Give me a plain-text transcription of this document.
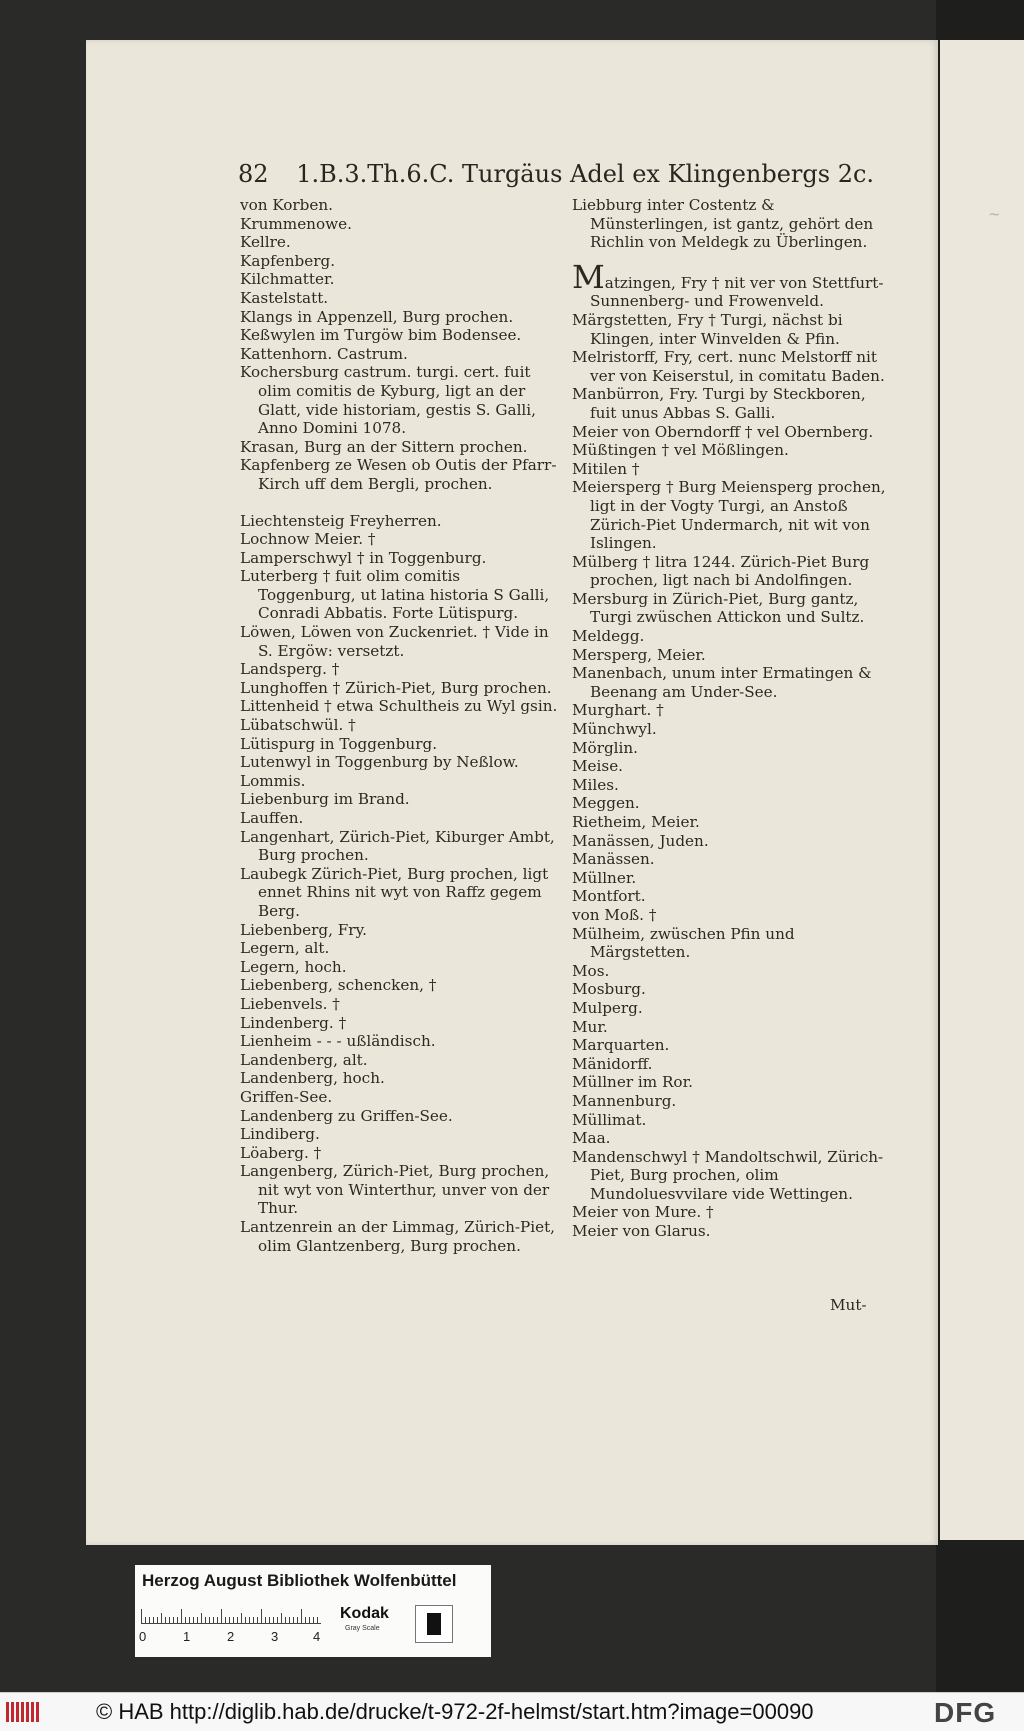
~
82 1.B.3.Th.6.C. Turgäus Adel ex Klingenbergs 2c.
von Korben.
Krummenowe.
Kellre.
Kapfenberg.
Kilchmatter.
Kastelstatt.
Klangs in Appenzell, Burg prochen.
Keßwylen im Turgöw bim Bodensee.
Kattenhorn. Castrum.
Kochersburg castrum. turgi. cert. fuit olim comitis de Kyburg, ligt an der Glatt, vide historiam, gestis S. Galli, Anno Domini 1078.
Krasan, Burg an der Sittern prochen.
Kapfenberg ze Wesen ob Outis der Pfarr-Kirch uff dem Bergli, prochen.
Liechtensteig Freyherren.
Lochnow Meier. †
Lamperschwyl † in Toggenburg.
Luterberg † fuit olim comitis Toggenburg, ut latina historia S Galli, Conradi Abbatis. Forte Lütispurg.
Löwen, Löwen von Zuckenriet. † Vide in S. Ergöw: versetzt.
Landsperg. †
Lunghoffen † Zürich-Piet, Burg prochen.
Littenheid † etwa Schultheis zu Wyl gsin.
Lübatschwül. †
Lütispurg in Toggenburg.
Lutenwyl in Toggenburg by Neßlow.
Lommis.
Liebenburg im Brand.
Lauffen.
Langenhart, Zürich-Piet, Kiburger Ambt, Burg prochen.
Laubegk Zürich-Piet, Burg prochen, ligt ennet Rhins nit wyt von Raffz gegem Berg.
Liebenberg, Fry.
Legern, alt.
Legern, hoch.
Liebenberg, schencken, †
Liebenvels. †
Lindenberg. †
Lienheim - - - ußländisch.
Landenberg, alt.
Landenberg, hoch.
Griffen-See.
Landenberg zu Griffen-See.
Lindiberg.
Löaberg. †
Langenberg, Zürich-Piet, Burg prochen, nit wyt von Winterthur, unver von der Thur.
Lantzenrein an der Limmag, Zürich-Piet, olim Glantzenberg, Burg prochen.
Liebburg inter Costentz & Münsterlingen, ist gantz, gehört den Richlin von Meldegk zu Überlingen.
Matzingen, Fry † nit ver von Stettfurt-Sunnenberg- und Frowenveld.
Märgstetten, Fry † Turgi, nächst bi Klingen, inter Winvelden & Pfin.
Melristorff, Fry, cert. nunc Melstorff nit ver von Keiserstul, in comitatu Baden.
Manbürron, Fry. Turgi by Steckboren, fuit unus Abbas S. Galli.
Meier von Oberndorff † vel Obernberg.
Müßtingen † vel Mößlingen.
Mitilen †
Meiersperg † Burg Meiensperg prochen, ligt in der Vogty Turgi, an Anstoß Zürich-Piet Undermarch, nit wit von Islingen.
Mülberg † litra 1244. Zürich-Piet Burg prochen, ligt nach bi Andolfingen.
Mersburg in Zürich-Piet, Burg gantz, Turgi zwüschen Attickon und Sultz.
Meldegg.
Mersperg, Meier.
Manenbach, unum inter Ermatingen & Beenang am Under-See.
Murghart. †
Münchwyl.
Mörglin.
Meise.
Miles.
Meggen.
Rietheim, Meier.
Manässen, Juden.
Manässen.
Müllner.
Montfort.
von Moß. †
Mülheim, zwüschen Pfin und Märgstetten.
Mos.
Mosburg.
Mulperg.
Mur.
Marquarten.
Mänidorff.
Müllner im Ror.
Mannenburg.
Müllimat.
Maa.
Mandenschwyl † Mandoltschwil, Zürich-Piet, Burg prochen, olim Mundoluesvvilare vide Wettingen.
Meier von Mure. †
Meier von Glarus.
Mut-
Herzog August Bibliothek Wolfenbüttel
0	1	2	3	4
Kodak
Gray Scale
© HAB http://diglib.hab.de/drucke/t-972-2f-helmst/start.htm?image=00090	DFG
